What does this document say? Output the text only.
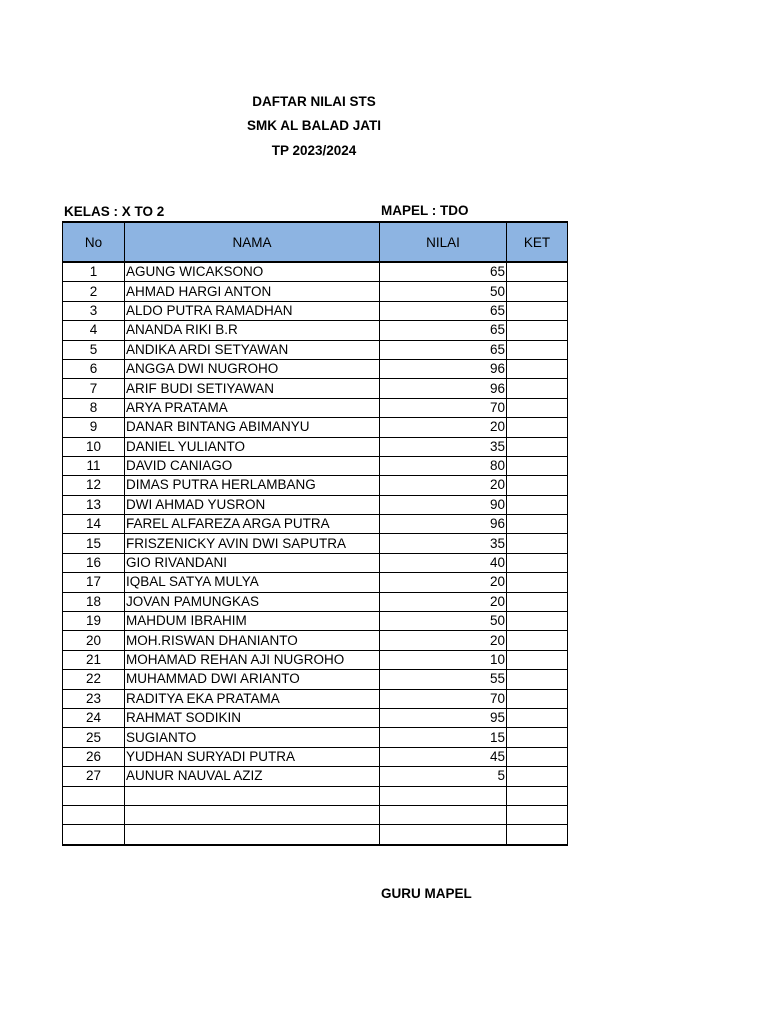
DAFTAR NILAI STS
SMK AL BALAD JATI
TP 2023/2024
KELAS : X TO 2	MAPEL : TDO
No	NAMA	NILAI	KET
1	AGUNG WICAKSONO	65	
2	AHMAD HARGI ANTON	50	
3	ALDO PUTRA RAMADHAN	65	
4	ANANDA RIKI B.R	65	
5	ANDIKA ARDI SETYAWAN	65	
6	ANGGA DWI NUGROHO	96	
7	ARIF BUDI SETIYAWAN	96	
8	ARYA PRATAMA	70	
9	DANAR BINTANG ABIMANYU	20	
10	DANIEL YULIANTO	35	
11	DAVID CANIAGO	80	
12	DIMAS PUTRA HERLAMBANG	20	
13	DWI AHMAD YUSRON	90	
14	FAREL ALFAREZA ARGA PUTRA	96	
15	FRISZENICKY AVIN DWI SAPUTRA	35	
16	GIO RIVANDANI	40	
17	IQBAL SATYA MULYA	20	
18	JOVAN PAMUNGKAS	20	
19	MAHDUM IBRAHIM	50	
20	MOH.RISWAN DHANIANTO	20	
21	MOHAMAD REHAN AJI NUGROHO	10	
22	MUHAMMAD DWI ARIANTO	55	
23	RADITYA EKA PRATAMA	70	
24	RAHMAT SODIKIN	95	
25	SUGIANTO	15	
26	YUDHAN SURYADI PUTRA	45	
27	AUNUR NAUVAL AZIZ	5	

GURU MAPEL
